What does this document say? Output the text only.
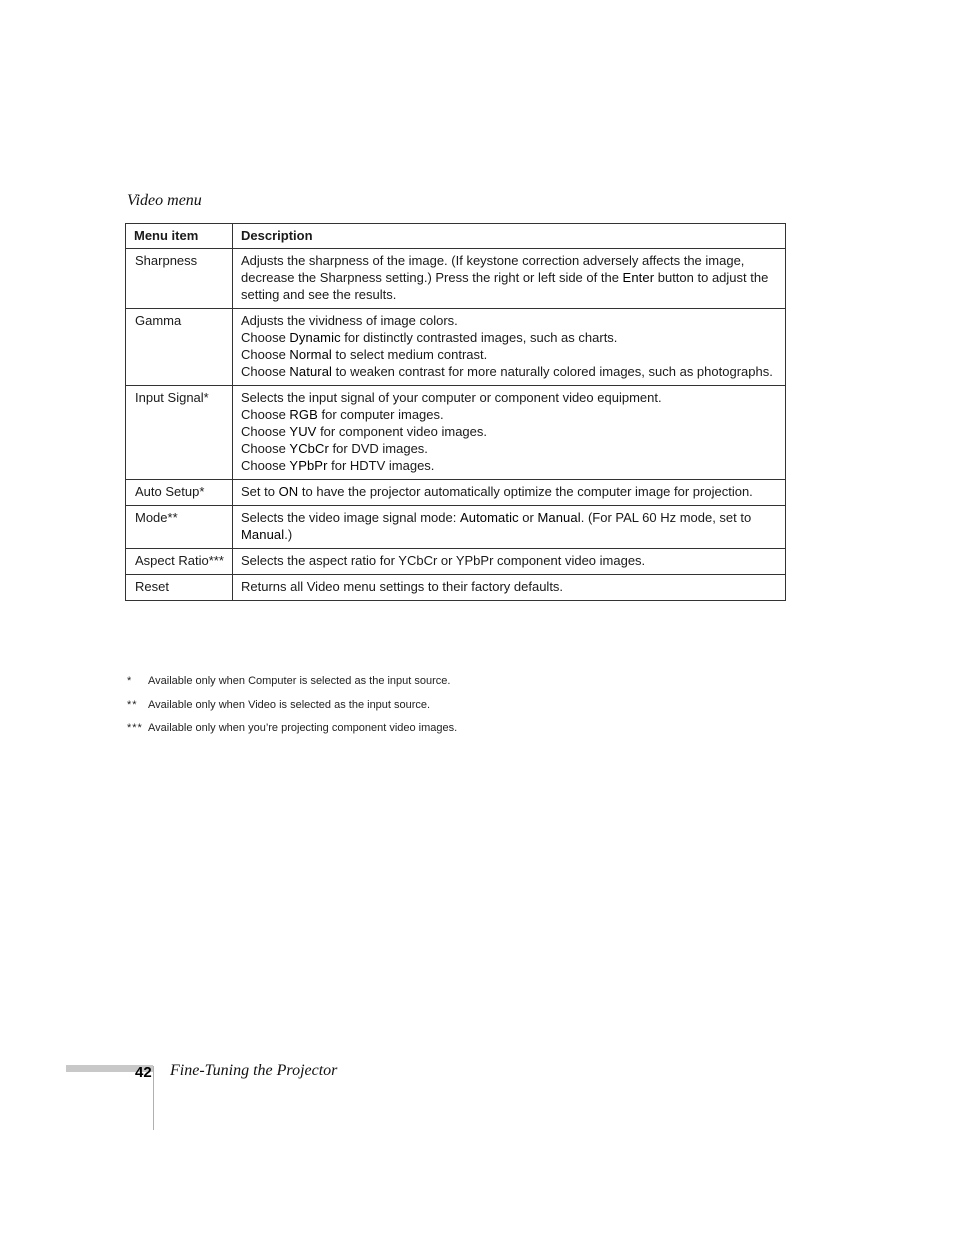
Video menu
Menu item	Description
Sharpness	Adjusts the sharpness of the image. (If keystone correction adversely affects the image, decrease the Sharpness setting.) Press the right or left side of the Enter button to adjust the setting and see the results.

Gamma	Adjusts the vividness of image colors.
Choose Dynamic for distinctly contrasted images, such as charts.
Choose Normal to select medium contrast.
Choose Natural to weaken contrast for more naturally colored images, such as photographs.

Input Signal*	Selects the input signal of your computer or component video equipment.
Choose RGB for computer images.
Choose YUV for component video images.
Choose YCbCr for DVD images.
Choose YPbPr for HDTV images.

Auto Setup*	Set to ON to have the projector automatically optimize the computer image for projection.

Mode**	Selects the video image signal mode: Automatic or Manual. (For PAL 60 Hz mode, set to Manual.)

Aspect Ratio***	Selects the aspect ratio for YCbCr or YPbPr component video images.

Reset	Returns all Video menu settings to their factory defaults.
* Available only when Computer is selected as the input source.
** Available only when Video is selected as the input source.
*** Available only when you’re projecting component video images.
42 Fine-Tuning the Projector
